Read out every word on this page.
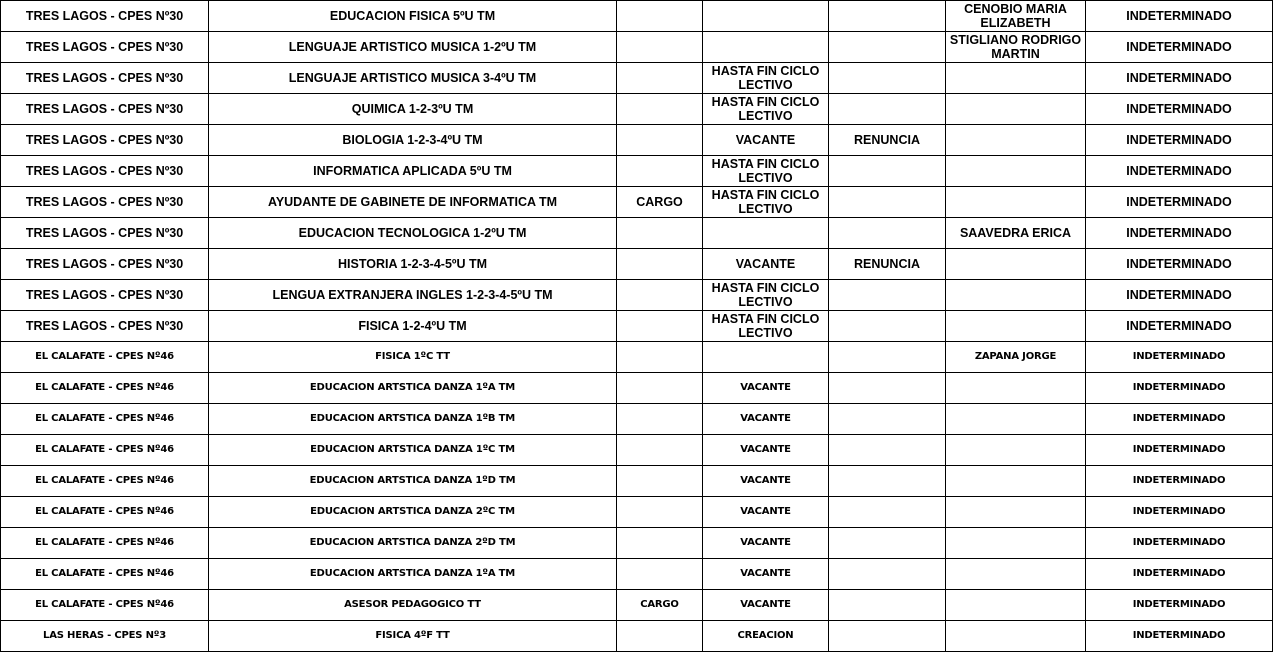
TRES LAGOS - CPES Nº30	EDUCACION FISICA 5ºU TM				CENOBIO MARIA ELIZABETH	INDETERMINADO
TRES LAGOS - CPES Nº30	LENGUAJE ARTISTICO MUSICA 1-2ºU TM				STIGLIANO RODRIGO MARTIN	INDETERMINADO
TRES LAGOS - CPES Nº30	LENGUAJE ARTISTICO MUSICA 3-4ºU TM		HASTA FIN CICLO LECTIVO			INDETERMINADO
TRES LAGOS - CPES Nº30	QUIMICA 1-2-3ºU TM		HASTA FIN CICLO LECTIVO			INDETERMINADO
TRES LAGOS - CPES Nº30	BIOLOGIA 1-2-3-4ºU TM		VACANTE	RENUNCIA		INDETERMINADO
TRES LAGOS - CPES Nº30	INFORMATICA APLICADA 5ºU TM		HASTA FIN CICLO LECTIVO			INDETERMINADO
TRES LAGOS - CPES Nº30	AYUDANTE DE GABINETE DE INFORMATICA TM	CARGO	HASTA FIN CICLO LECTIVO			INDETERMINADO
TRES LAGOS - CPES Nº30	EDUCACION TECNOLOGICA 1-2ºU TM				SAAVEDRA ERICA	INDETERMINADO
TRES LAGOS - CPES Nº30	HISTORIA 1-2-3-4-5ºU TM		VACANTE	RENUNCIA		INDETERMINADO
TRES LAGOS - CPES Nº30	LENGUA EXTRANJERA INGLES 1-2-3-4-5ºU TM		HASTA FIN CICLO LECTIVO			INDETERMINADO
TRES LAGOS - CPES Nº30	FISICA 1-2-4ºU TM		HASTA FIN CICLO LECTIVO			INDETERMINADO
EL CALAFATE - CPES Nº46	FISICA 1ºC TT				ZAPANA JORGE	INDETERMINADO
EL CALAFATE - CPES Nº46	EDUCACION ARTSTICA DANZA 1ºA TM		VACANTE			INDETERMINADO
EL CALAFATE - CPES Nº46	EDUCACION ARTSTICA DANZA 1ºB TM		VACANTE			INDETERMINADO
EL CALAFATE - CPES Nº46	EDUCACION ARTSTICA DANZA 1ºC TM		VACANTE			INDETERMINADO
EL CALAFATE - CPES Nº46	EDUCACION ARTSTICA DANZA 1ºD TM		VACANTE			INDETERMINADO
EL CALAFATE - CPES Nº46	EDUCACION ARTSTICA DANZA 2ºC TM		VACANTE			INDETERMINADO
EL CALAFATE - CPES Nº46	EDUCACION ARTSTICA DANZA 2ºD TM		VACANTE			INDETERMINADO
EL CALAFATE - CPES Nº46	EDUCACION ARTSTICA DANZA 1ºA TM		VACANTE			INDETERMINADO
EL CALAFATE - CPES Nº46	ASESOR PEDAGOGICO TT	CARGO	VACANTE			INDETERMINADO
LAS HERAS - CPES Nº3	FISICA 4ºF TT		CREACION			INDETERMINADO
